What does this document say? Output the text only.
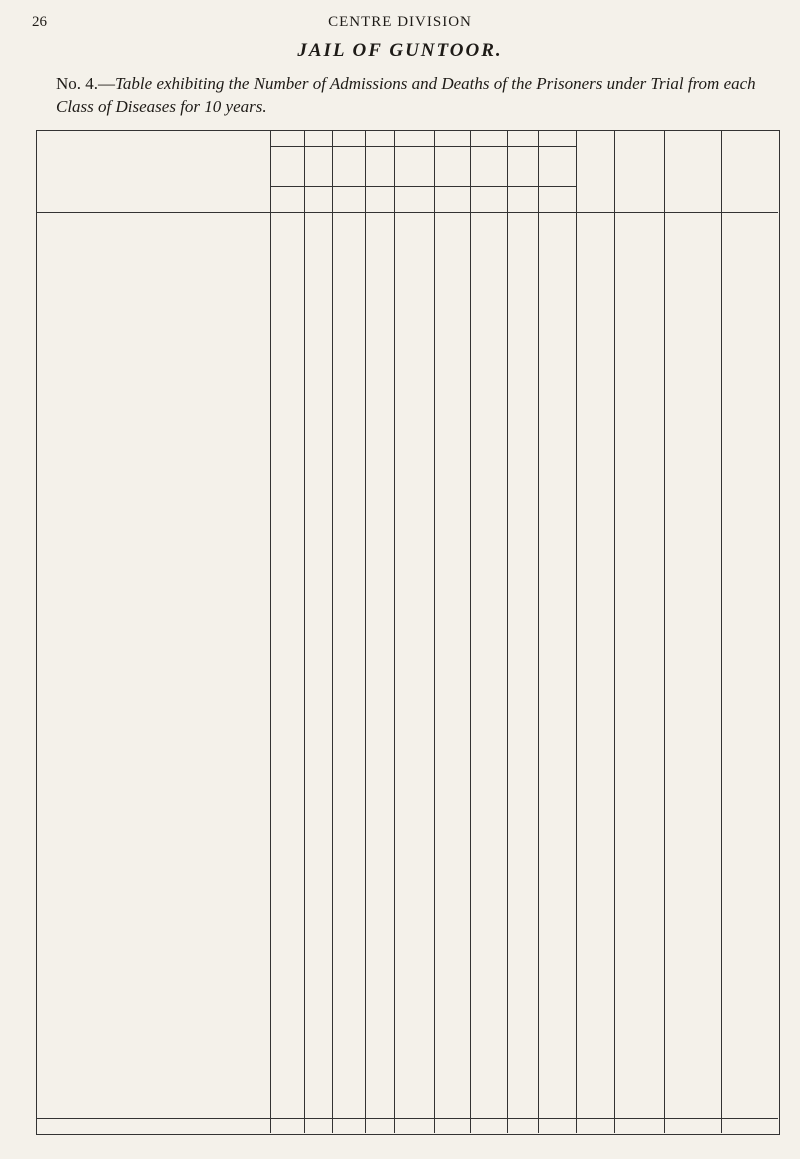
26	CENTRE DIVISION
JAIL OF GUNTOOR.
No. 4.—Table exhibiting the Number of Admissions and Deaths of the Prisoners under Trial from each Class of Diseases for 10 years.
